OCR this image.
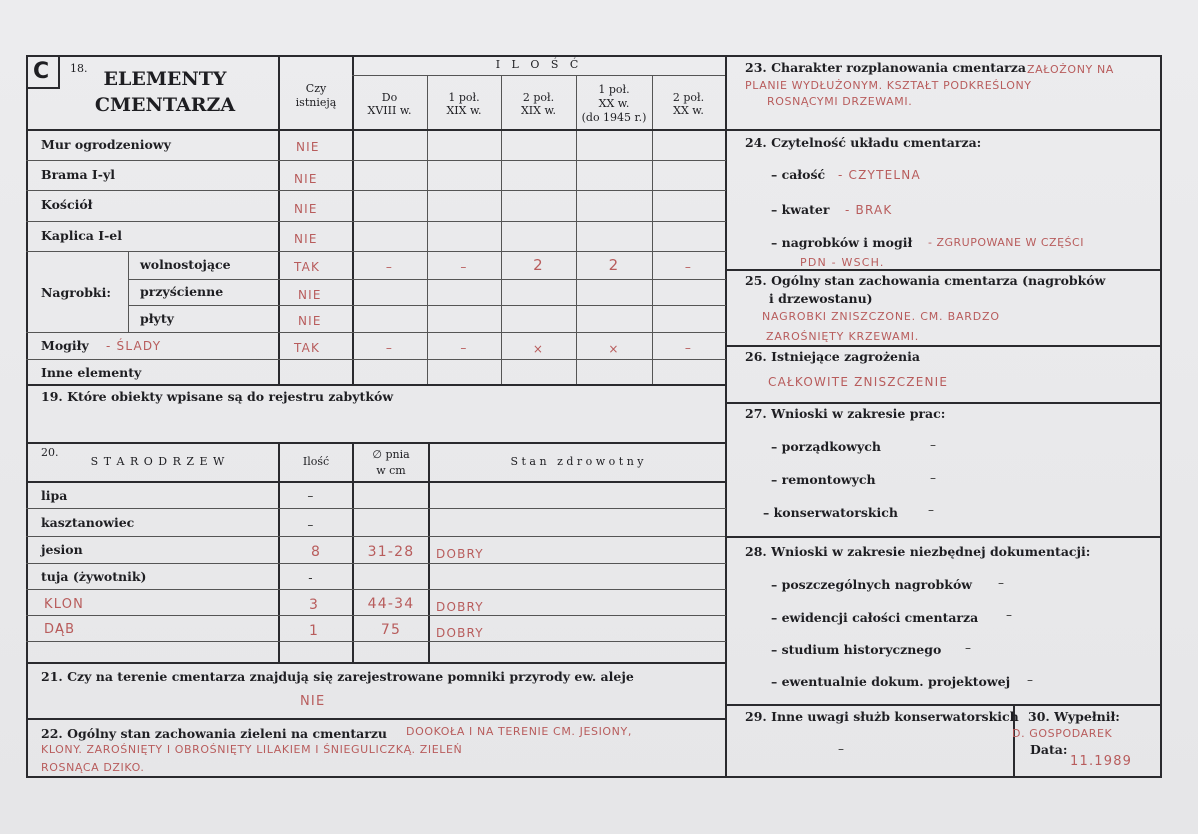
C 18. ELEMENTY
CMENTARZA
Czy
istnieją
I L O Ś Ć
Do
XVIII w.
1 poł.
XIX w.
2 poł.
XIX w.
1 poł.
XX w.
(do 1945 r.)
2 poł.
XX w.
Mur ogrodzeniowy	NIE
Brama I-yl	NIE
Kościół	NIE
Kaplica I-el	NIE
Nagrobki:
wolnostojące	TAK	–	–	2	2	–
przyścienne	NIE
płyty	NIE
Mogiły - ŚLADY	TAK	–	–	×	×	–
Inne elementy
19. Które obiekty wpisane są do rejestru zabytków
20.
S T A R O D R Z E W	Ilość
∅ pnia
w cm
S t a n   z d r o w o t n y
lipa	–
kasztanowiec	–
jesion	8	31-28	DOBRY
tuja (żywotnik)	-
KLON	3	44-34	DOBRY
DĄB	1	75	DOBRY
21. Czy na terenie cmentarza znajdują się zarejestrowane pomniki przyrody ew. aleje
NIE
22. Ogólny stan zachowania zieleni na cmentarzu DOOKOŁA I NA TERENIE CM. JESIONY,
KLONY. ZAROŚNIĘTY I OBROŚNIĘTY LILAKIEM I ŚNIEGULICZKĄ. ZIELEŃ
ROSNĄCA DZIKO.
23. Charakter rozplanowania cmentarza ZAŁOŻONY NA
PLANIE WYDŁUŻONYM. KSZTAŁT PODKREŚLONY
ROSNĄCYMI DRZEWAMI.
24. Czytelność układu cmentarza:
– całość - CZYTELNA
– kwater - BRAK
– nagrobków i mogił - ZGRUPOWANE W CZĘŚCI
PDN - WSCH.
25. Ogólny stan zachowania cmentarza (nagrobków
i drzewostanu)
NAGROBKI ZNISZCZONE. CM. BARDZO
ZAROŚNIĘTY KRZEWAMI.
26. Istniejące zagrożenia
CAŁKOWITE ZNISZCZENIE
27. Wnioski w zakresie prac:
– porządkowych	–
– remontowych	–
– konserwatorskich	–
28. Wnioski w zakresie niezbędnej dokumentacji:
– poszczególnych nagrobków –
– ewidencji całości cmentarza –
– studium historycznego –
– ewentualnie dokum. projektowej –
29. Inne uwagi służb konserwatorskich
–
30. Wypełnił:
D. GOSPODAREK
Data:
11.1989
